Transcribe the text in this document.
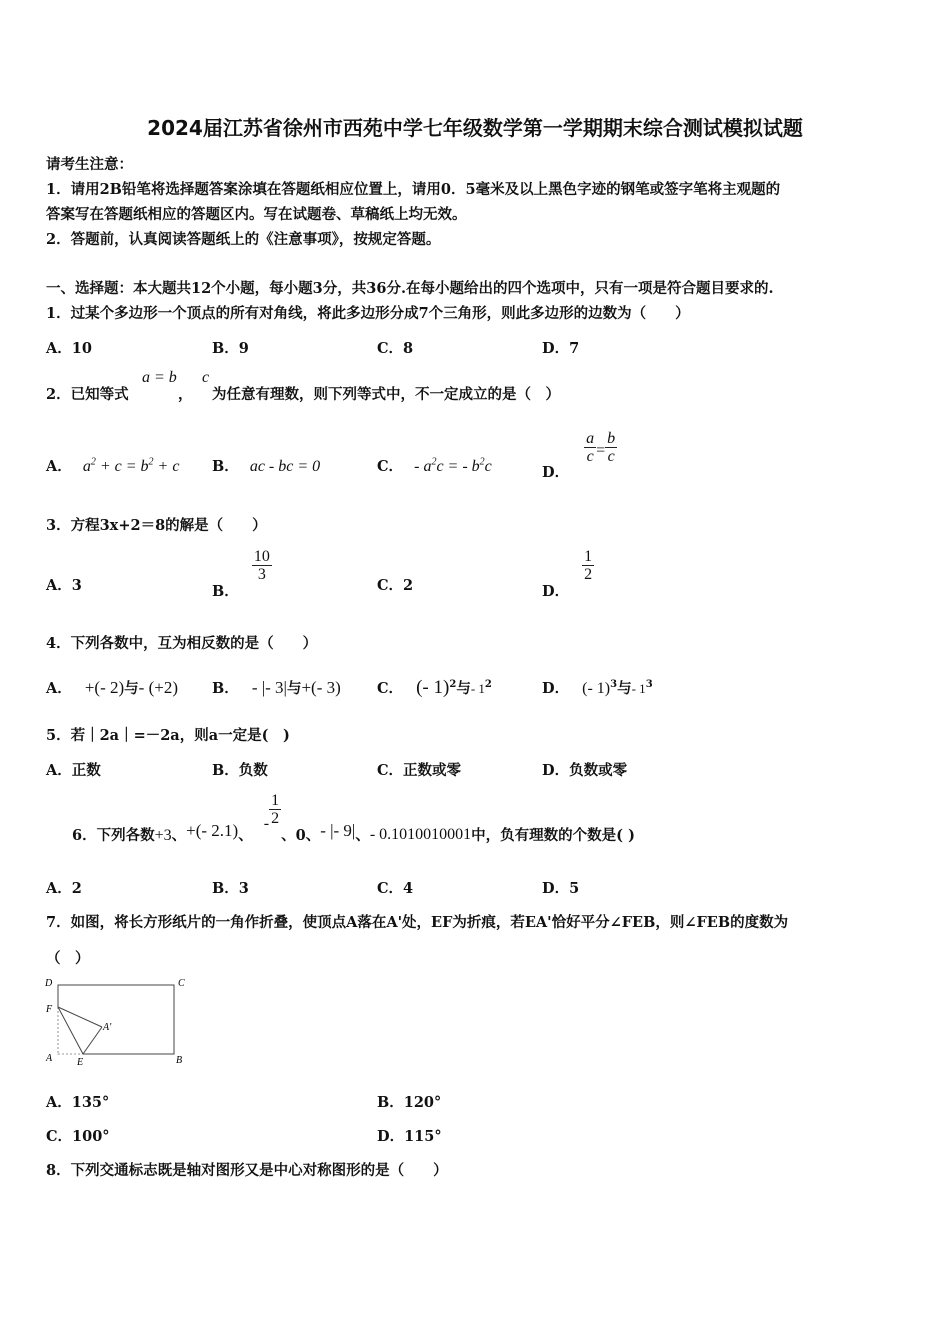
2024届江苏省徐州市西苑中学七年级数学第一学期期末综合测试模拟试题
请考生注意：
1．请用2B铅笔将选择题答案涂填在答题纸相应位置上，请用0．5毫米及以上黑色字迹的钢笔或签字笔将主观题的
答案写在答题纸相应的答题区内。写在试题卷、草稿纸上均无效。
2．答题前，认真阅读答题纸上的《注意事项》，按规定答题。
一、选择题：本大题共12个小题，每小题3分，共36分.在每小题给出的四个选项中，只有一项是符合题目要求的.
1．过某个多边形一个顶点的所有对角线，将此多边形分成7个三角形，则此多边形的边数为（　　）
A．10	B．9	C．8	D．7
2．已知等式
a = b
，
c
为任意有理数，则下列等式中，不一定成立的是（　）
A． $a^2 + c = b^2 + c$ B． ac - bc = 0	C． - $a^2c$ = - $b^2c$	D．
$\frac{a}{c} = \frac{b}{c}$
3．方程3x+2＝8的解是（　　）
A．3	B．
$\frac{10}{3}$
C．2	D．
$\frac{1}{2}$
4．下列各数中，互为相反数的是（　　）
A． +(- 2)与- (+2) B． - |- 3|与+(- 3) C． (- 1)$^2$与- $1^2$	D． (- 1)$^3$与- $1^3$
5．若｜2a｜=－2a，则a一定是(　)
A．正数	B．负数	C．正数或零	D．负数或零
6．下列各数+3、+(- 2.1)、 - $\frac{1}{2}$
、0、- |- 9|、- 0.1010010001中，负有理数的个数是( )
A．2	B．3	C．4	D．5
7．如图，将长方形纸片的一角作折叠，使顶点A落在A'处，EF为折痕，若EA'恰好平分∠FEB，则∠FEB的度数为
（　）
D	C
F
A'
A E	B
A．135°	B．120°
C．100°	D．115°
8．下列交通标志既是轴对图形又是中心对称图形的是（　　）
